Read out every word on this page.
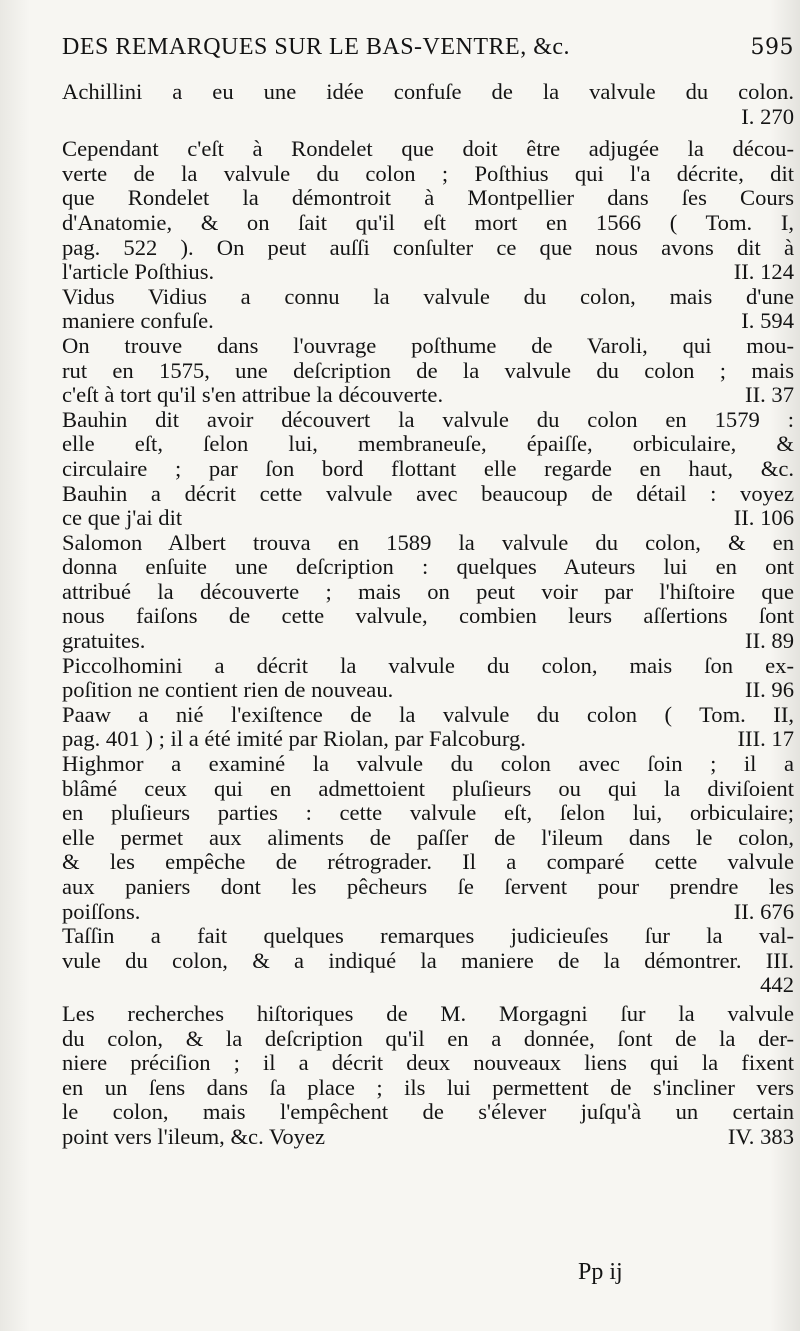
DES REMARQUES SUR LE BAS-VENTRE, &c.	595
Achillini a eu une idée confuſe de la valvule du colon.
I. 270
Cependant c'eſt à Rondelet que doit être adjugée la décou-
verte de la valvule du colon ; Poſthius qui l'a décrite, dit
que Rondelet la démontroit à Montpellier dans ſes Cours
d'Anatomie, & on ſait qu'il eſt mort en 1566 ( Tom. I,
pag. 522 ). On peut auſſi conſulter ce que nous avons dit à
l'article Poſthius.	II. 124
Vidus Vidius a connu la valvule du colon, mais d'une
maniere confuſe.	I. 594
On trouve dans l'ouvrage poſthume de Varoli, qui mou-
rut en 1575, une deſcription de la valvule du colon ; mais
c'eſt à tort qu'il s'en attribue la découverte.	II. 37
Bauhin dit avoir découvert la valvule du colon en 1579 :
elle eſt, ſelon lui, membraneuſe, épaiſſe, orbiculaire, &
circulaire ; par ſon bord flottant elle regarde en haut, &c.
Bauhin a décrit cette valvule avec beaucoup de détail : voyez
ce que j'ai dit	II. 106
Salomon Albert trouva en 1589 la valvule du colon, & en
donna enſuite une deſcription : quelques Auteurs lui en ont
attribué la découverte ; mais on peut voir par l'hiſtoire que
nous faiſons de cette valvule, combien leurs aſſertions ſont
gratuites.	II. 89
Piccolhomini a décrit la valvule du colon, mais ſon ex-
poſition ne contient rien de nouveau.	II. 96
Paaw a nié l'exiſtence de la valvule du colon ( Tom. II,
pag. 401 ) ; il a été imité par Riolan, par Falcoburg.	III. 17
Highmor a examiné la valvule du colon avec ſoin ; il a
blâmé ceux qui en admettoient pluſieurs ou qui la diviſoient
en pluſieurs parties : cette valvule eſt, ſelon lui, orbiculaire;
elle permet aux aliments de paſſer de l'ileum dans le colon,
& les empêche de rétrograder. Il a comparé cette valvule
aux paniers dont les pêcheurs ſe ſervent pour prendre les
poiſſons.	II. 676
Taſſin a fait quelques remarques judicieuſes ſur la val-
vule du colon, & a indiqué la maniere de la démontrer. III.
442
Les recherches hiſtoriques de M. Morgagni ſur la valvule
du colon, & la deſcription qu'il en a donnée, ſont de la der-
niere préciſion ; il a décrit deux nouveaux liens qui la fixent
en un ſens dans ſa place ; ils lui permettent de s'incliner vers
le colon, mais l'empêchent de s'élever juſqu'à un certain
point vers l'ileum, &c. Voyez	IV. 383
Pp ij
